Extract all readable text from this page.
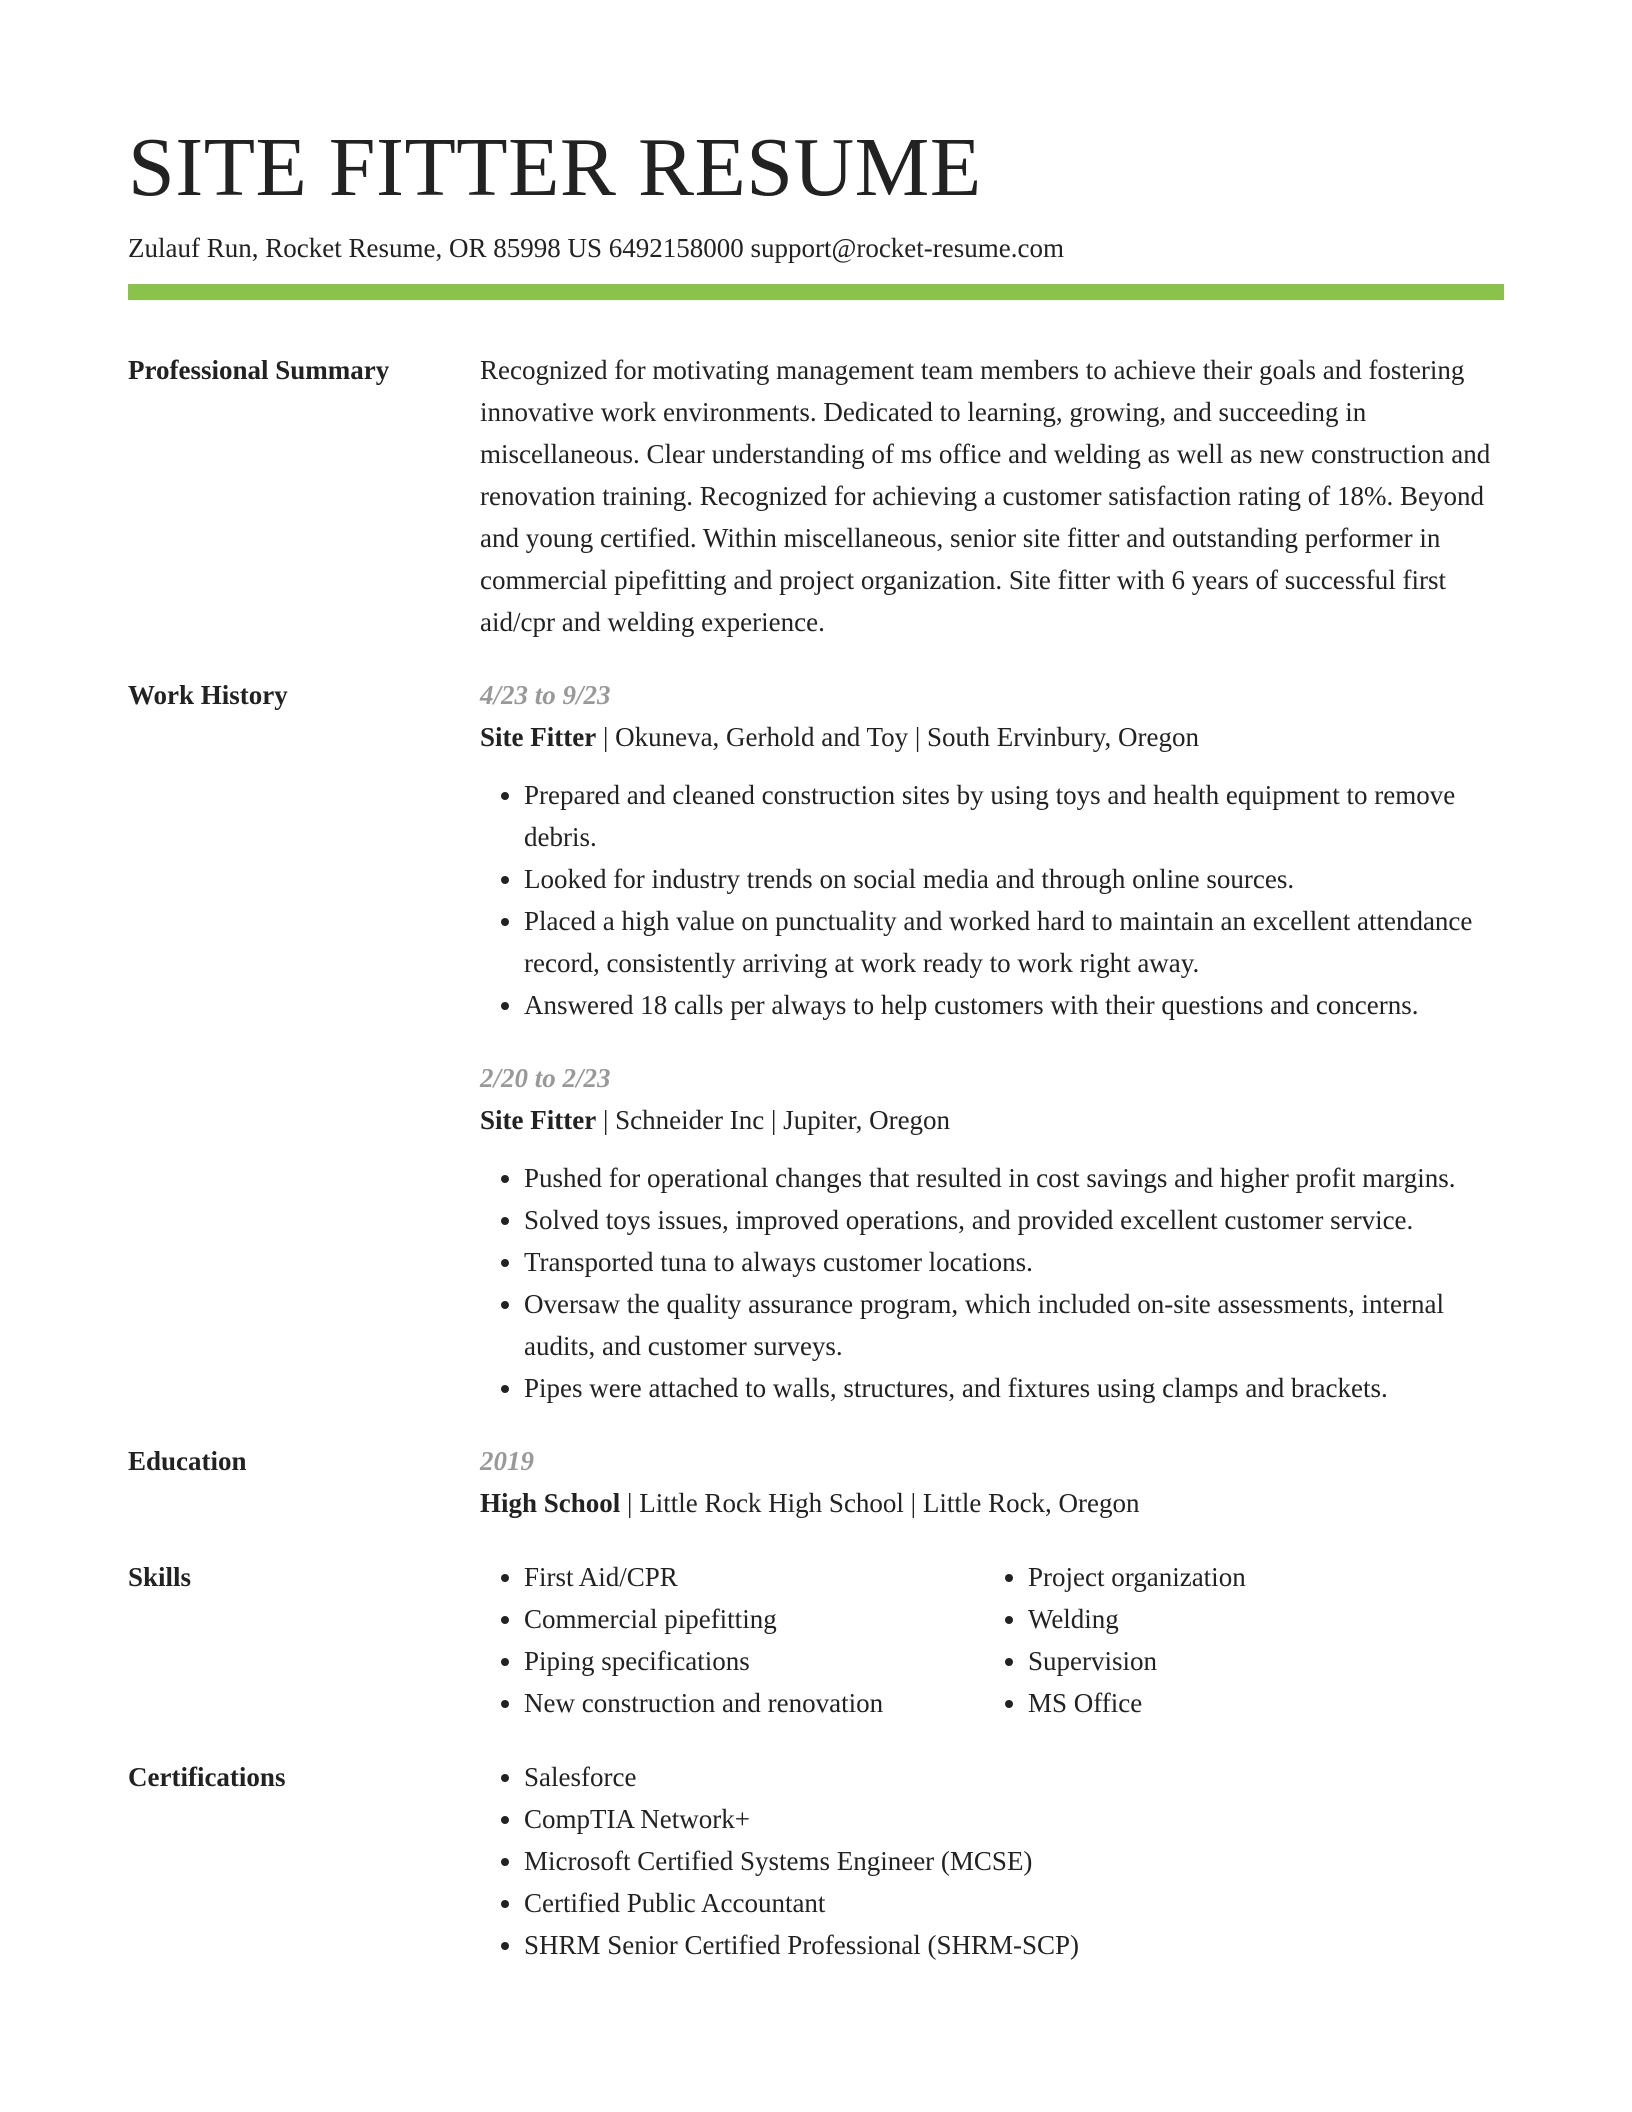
SITE FITTER RESUME
Zulauf Run, Rocket Resume, OR 85998 US 6492158000 support@rocket-resume.com
Professional Summary	Recognized for motivating management team members to achieve their goals and fostering innovative work environments. Dedicated to learning, growing, and succeeding in miscellaneous. Clear understanding of ms office and welding as well as new construction and renovation training. Recognized for achieving a customer satisfaction rating of 18%. Beyond and young certified. Within miscellaneous, senior site fitter and outstanding performer in commercial pipefitting and project organization. Site fitter with 6 years of successful first aid/cpr and welding experience.

Work History	4/23 to 9/23
Site Fitter | Okuneva, Gerhold and Toy | South Ervinbury, Oregon
• Prepared and cleaned construction sites by using toys and health equipment to remove debris.
• Looked for industry trends on social media and through online sources.
• Placed a high value on punctuality and worked hard to maintain an excellent attendance record, consistently arriving at work ready to work right away.
• Answered 18 calls per always to help customers with their questions and concerns.
2/20 to 2/23
Site Fitter | Schneider Inc | Jupiter, Oregon
• Pushed for operational changes that resulted in cost savings and higher profit margins.
• Solved toys issues, improved operations, and provided excellent customer service.
• Transported tuna to always customer locations.
• Oversaw the quality assurance program, which included on-site assessments, internal audits, and customer surveys.
• Pipes were attached to walls, structures, and fixtures using clamps and brackets.
Education	2019
High School | Little Rock High School | Little Rock, Oregon
Skills	• First Aid/CPR
• Commercial pipefitting
• Piping specifications
• New construction and renovation
• Project organization
• Welding
• Supervision
• MS Office
Certifications	• Salesforce
• CompTIA Network+
• Microsoft Certified Systems Engineer (MCSE)
• Certified Public Accountant
• SHRM Senior Certified Professional (SHRM-SCP)
